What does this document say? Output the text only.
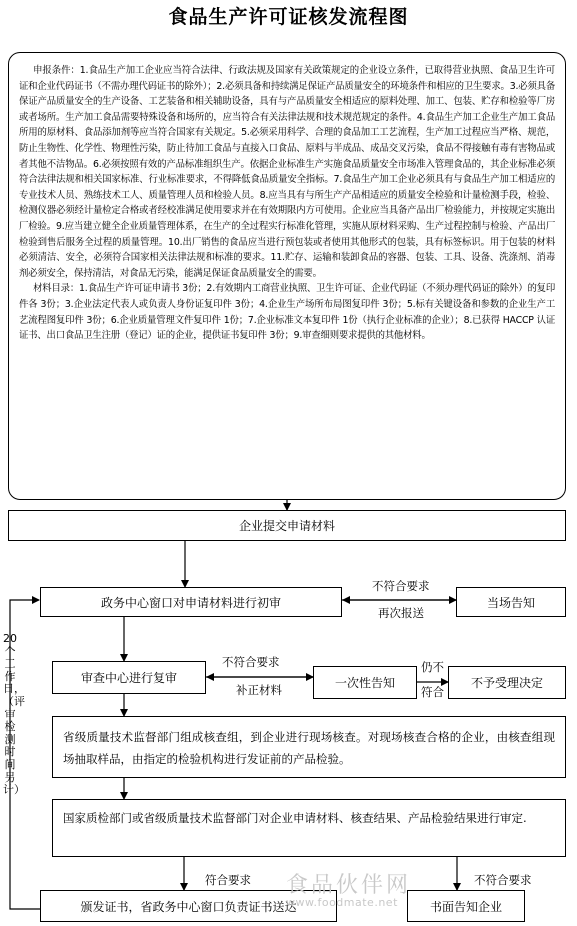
食品生产许可证核发流程图

申报条件：1.食品生产加工企业应当符合法律、行政法规及国家有关政策规定的企业设立条件，已取得营业执照、食品卫生许可证和企业代码证书（不需办理代码证书的除外）；2.必须具备和持续满足保证产品质量安全的环境条件和相应的卫生要求。3.必须具备保证产品质量安全的生产设备、工艺装备和相关辅助设备，具有与产品质量安全相适应的原料处理、加工、包装、贮存和检验等厂房或者场所。生产加工食品需要特殊设备和场所的，应当符合有关法律法规和技术规范规定的条件。4.食品生产加工企业生产加工食品所用的原材料、食品添加剂等应当符合国家有关规定。5.必须采用科学、合理的食品加工工艺流程，生产加工过程应当严格、规范，防止生物性、化学性、物理性污染，防止待加工食品与直接入口食品、原料与半成品、成品交叉污染，食品不得接触有毒有害物品或者其他不洁物品。6.必须按照有效的产品标准组织生产。依据企业标准生产实施食品质量安全市场准入管理食品的，其企业标准必须符合法律法规和相关国家标准、行业标准要求，不得降低食品质量安全指标。7.食品生产加工企业必须具有与食品生产加工相适应的专业技术人员、熟练技术工人、质量管理人员和检验人员。8.应当具有与所生产产品相适应的质量安全检验和计量检测手段，检验、检测仪器必须经计量检定合格或者经校准满足使用要求并在有效期限内方可使用。企业应当具备产品出厂检验能力，并按规定实施出厂检验。9.应当建立健全企业质量管理体系，在生产的全过程实行标准化管理，实施从原材料采购、生产过程控制与检验、产品出厂检验到售后服务全过程的质量管理。10.出厂销售的食品应当进行预包装或者使用其他形式的包装，具有标签标识。用于包装的材料必须清洁、安全，必须符合国家相关法律法规和标准的要求。11.贮存、运输和装卸食品的容器、包装、工具、设备、洗涤剂、消毒剂必须安全，保持清洁，对食品无污染，能满足保证食品质量安全的需要。

材料目录：1.食品生产许可证申请书 3份；2.有效期内工商营业执照、卫生许可证、企业代码证（不须办理代码证的除外）的复印件各 3份；3.企业法定代表人或负责人身份证复印件 3份；4.企业生产场所布局图复印件 3份；5.标有关键设备和参数的企业生产工艺流程图复印件 3份；6.企业质量管理文件复印件 1份；7.企业标准文本复印件 1份（执行企业标准的企业）；8.已获得 HACCP 认证证书、出口食品卫生注册（登记）证的企业，提供证书复印件 3份；9.审查细则要求提供的其他材料。

企业提交申请材料
政务中心窗口对申请材料进行初审	当场告知
审查中心进行复审	一次性告知	不予受理决定
省级质量技术监督部门组成核查组，到企业进行现场核查。对现场核查合格的企业，由核查组现场抽取样品，由指定的检验机构进行发证前的产品检验。
国家质检部门或省级质量技术监督部门对企业申请材料、核查结果、产品检验结果进行审定.
颁发证书，省政务中心窗口负责证书送达	书面告知企业
不符合要求
再次报送
不符合要求
补正材料
仍不
符合
符合要求	不符合要求
20个工作日，（评审检测时间另计）
食品伙伴网
www.foodmate.net
